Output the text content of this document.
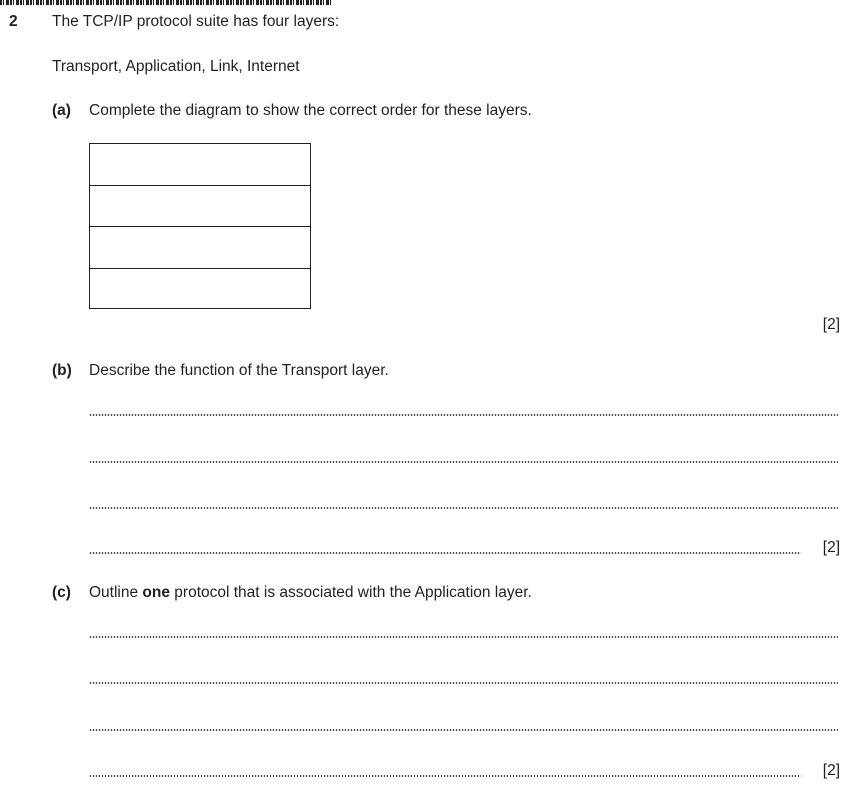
2 The TCP/IP protocol suite has four layers:
Transport, Application, Link, Internet
(a) Complete the diagram to show the correct order for these layers.
[2]
(b) Describe the function of the Transport layer.
[2]
(c) Outline one protocol that is associated with the Application layer.
[2]
